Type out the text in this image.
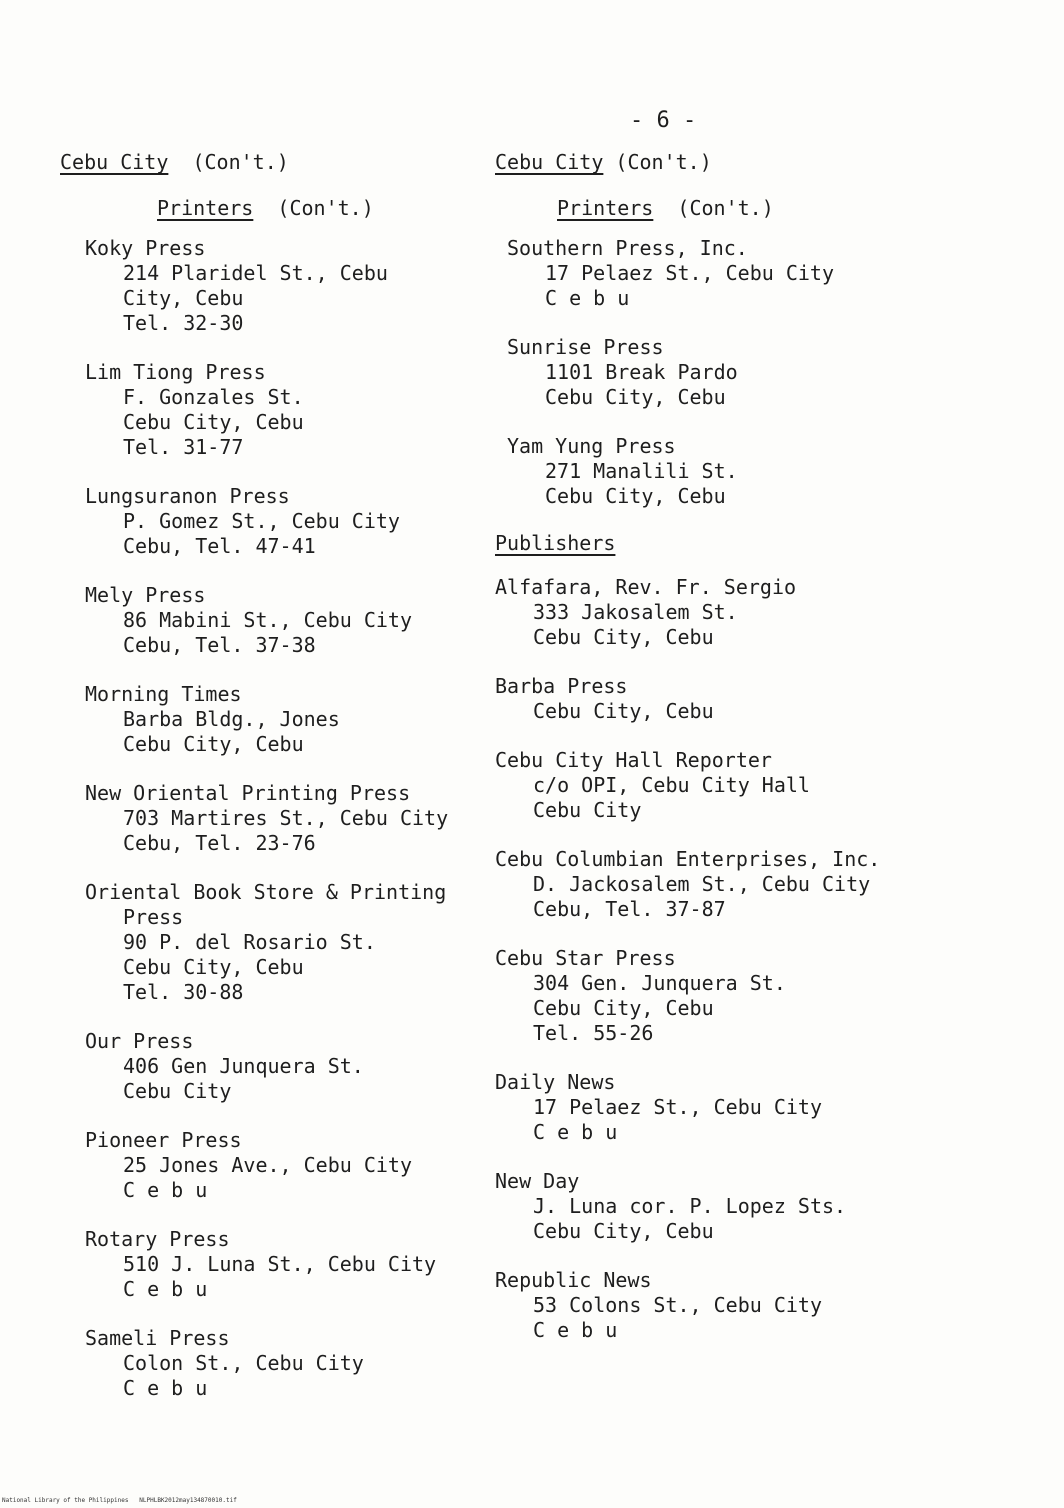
- 6 -
Cebu City (Con't.)
Printers (Con't.)
Koky Press
214 Plaridel St., Cebu
City, Cebu
Tel. 32-30
Lim Tiong Press
F. Gonzales St.
Cebu City, Cebu
Tel. 31-77
Lungsuranon Press
P. Gomez St., Cebu City
Cebu, Tel. 47-41
Mely Press
86 Mabini St., Cebu City
Cebu, Tel. 37-38
Morning Times
Barba Bldg., Jones
Cebu City, Cebu
New Oriental Printing Press
703 Martires St., Cebu City
Cebu, Tel. 23-76
Oriental Book Store & Printing
Press
90 P. del Rosario St.
Cebu City, Cebu
Tel. 30-88
Our Press
406 Gen Junquera St.
Cebu City
Pioneer Press
25 Jones Ave., Cebu City
C e b u
Rotary Press
510 J. Luna St., Cebu City
C e b u
Sameli Press
Colon St., Cebu City
C e b u
Cebu City (Con't.)
Printers (Con't.)
Southern Press, Inc.
17 Pelaez St., Cebu City
C e b u
Sunrise Press
1101 Break Pardo
Cebu City, Cebu
Yam Yung Press
271 Manalili St.
Cebu City, Cebu
Publishers
Alfafara, Rev. Fr. Sergio
333 Jakosalem St.
Cebu City, Cebu
Barba Press
Cebu City, Cebu
Cebu City Hall Reporter
c/o OPI, Cebu City Hall
Cebu City
Cebu Columbian Enterprises, Inc.
D. Jackosalem St., Cebu City
Cebu, Tel. 37-87
Cebu Star Press
304 Gen. Junquera St.
Cebu City, Cebu
Tel. 55-26
Daily News
17 Pelaez St., Cebu City
C e b u
New Day
J. Luna cor. P. Lopez Sts.
Cebu City, Cebu
Republic News
53 Colons St., Cebu City
C e b u
National Library of the Philippines   NLPHLBK2012may134870010.tif
